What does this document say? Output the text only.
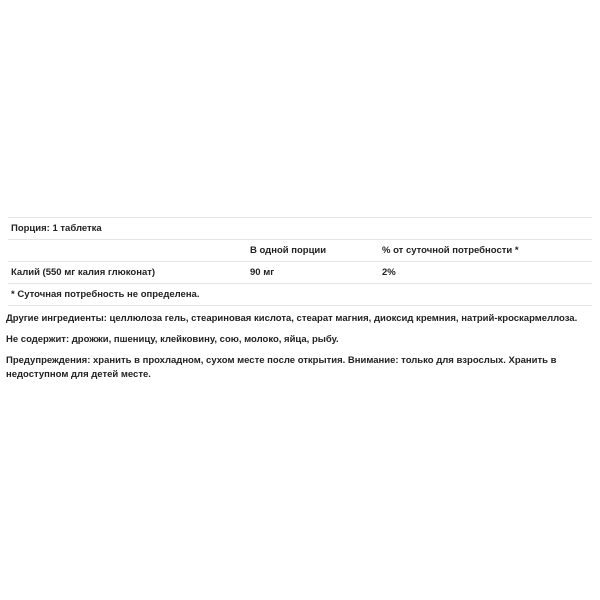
Порция: 1 таблетка		
	В одной порции	% от суточной потребности *
Калий (550 мг калия глюконат)	90 мг	2%
* Суточная потребность не определена.		

Другие ингредиенты: целлюлоза гель, стеариновая кислота, стеарат магния, диоксид кремния, натрий-кроскармеллоза.

Не содержит: дрожжи, пшеницу, клейковину, сою, молоко, яйца, рыбу.

Предупреждения: хранить в прохладном, сухом месте после открытия. Внимание: только для взрослых. Хранить в недоступном для детей месте.
